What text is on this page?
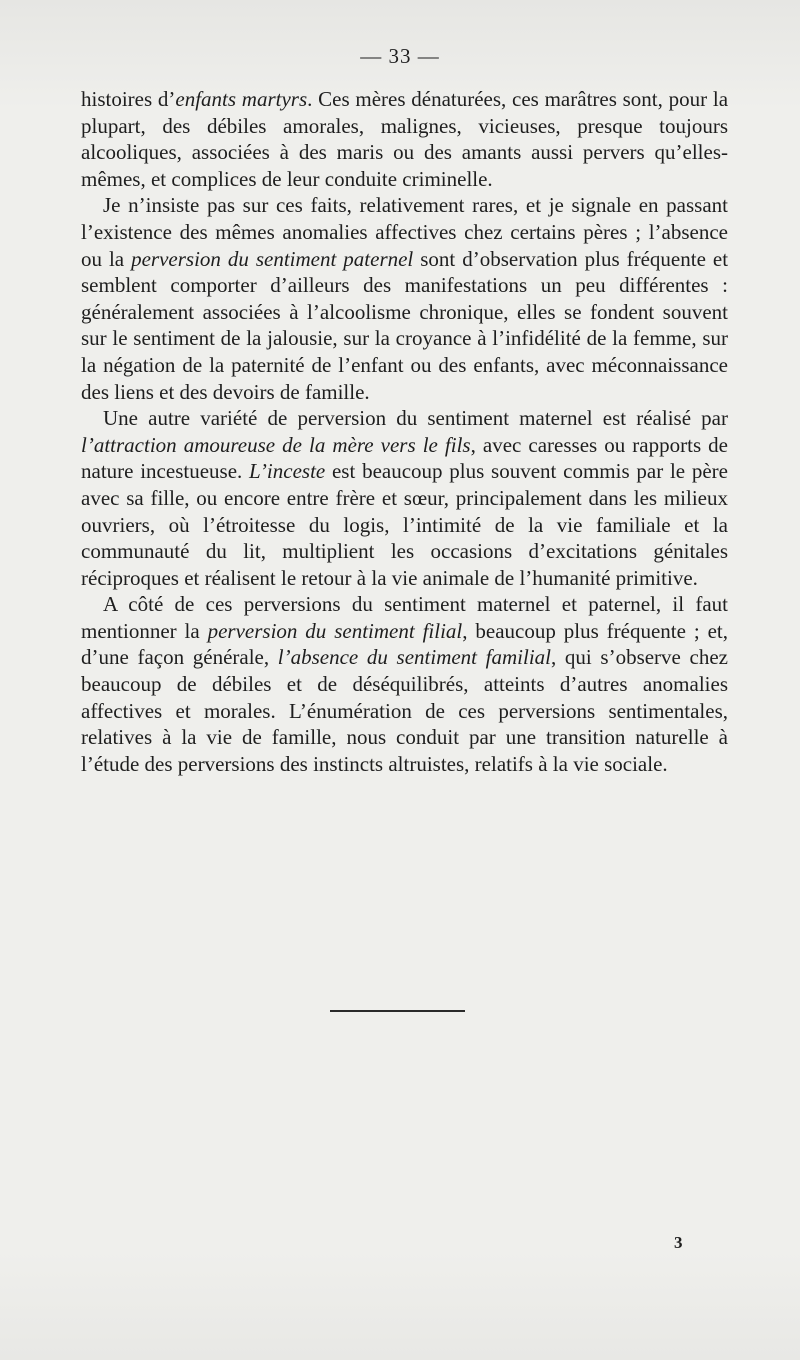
— 33 —

histoires d’enfants martyrs. Ces mères dénaturées, ces marâtres sont, pour la plupart, des débiles amorales, malignes, vicieuses, presque toujours alcooliques, associées à des maris ou des amants aussi pervers qu’elles-mêmes, et complices de leur conduite criminelle.

Je n’insiste pas sur ces faits, relativement rares, et je signale en passant l’existence des mêmes anomalies affectives chez certains pères ; l’absence ou la perversion du sentiment paternel sont d’observation plus fréquente et semblent comporter d’ailleurs des manifestations un peu différentes : généralement associées à l’alcoolisme chronique, elles se fondent souvent sur le sentiment de la jalousie, sur la croyance à l’infidélité de la femme, sur la négation de la paternité de l’enfant ou des enfants, avec méconnaissance des liens et des devoirs de famille.

Une autre variété de perversion du sentiment maternel est réalisé par l’attraction amoureuse de la mère vers le fils, avec caresses ou rapports de nature incestueuse. L’inceste est beaucoup plus souvent commis par le père avec sa fille, ou encore entre frère et sœur, principalement dans les milieux ouvriers, où l’étroitesse du logis, l’intimité de la vie familiale et la communauté du lit, multiplient les occasions d’excitations génitales réciproques et réalisent le retour à la vie animale de l’humanité primitive.

A côté de ces perversions du sentiment maternel et paternel, il faut mentionner la perversion du sentiment filial, beaucoup plus fréquente ; et, d’une façon générale, l’absence du sentiment familial, qui s’observe chez beaucoup de débiles et de déséquilibrés, atteints d’autres anomalies affectives et morales. L’énumération de ces perversions sentimentales, relatives à la vie de famille, nous conduit par une transition naturelle à l’étude des perversions des instincts altruistes, relatifs à la vie sociale.

3
